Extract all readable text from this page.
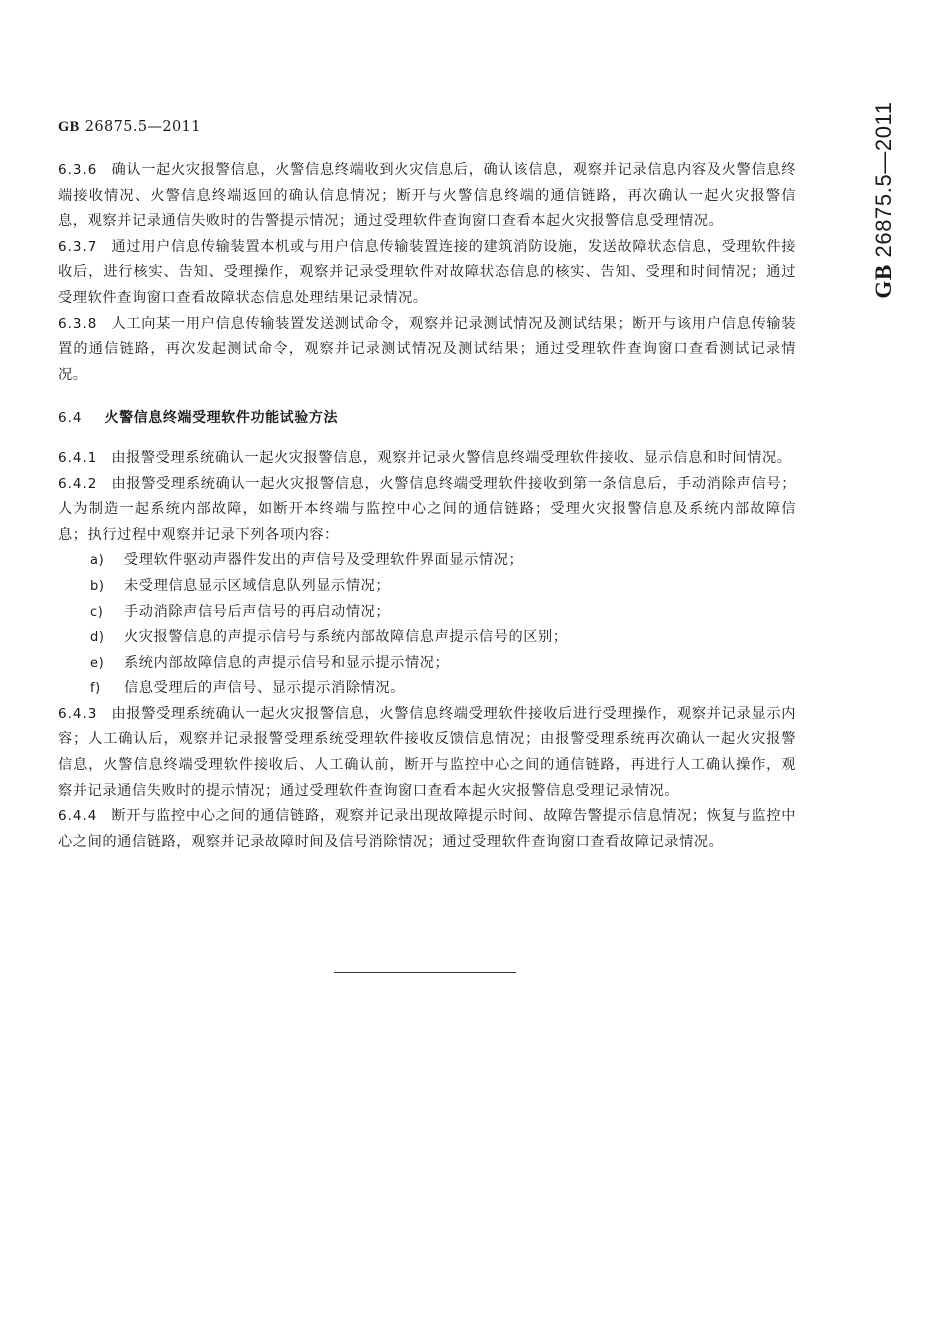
GB 26875.5—2011
GB 26875.5—2011

6.3.6 确认一起火灾报警信息，火警信息终端收到火灾信息后，确认该信息，观察并记录信息内容及火警信息终端接收情况、火警信息终端返回的确认信息情况；断开与火警信息终端的通信链路，再次确认一起火灾报警信息，观察并记录通信失败时的告警提示情况；通过受理软件查询窗口查看本起火灾报警信息受理情况。

6.3.7 通过用户信息传输装置本机或与用户信息传输装置连接的建筑消防设施，发送故障状态信息，受理软件接收后，进行核实、告知、受理操作，观察并记录受理软件对故障状态信息的核实、告知、受理和时间情况；通过受理软件查询窗口查看故障状态信息处理结果记录情况。

6.3.8 人工向某一用户信息传输装置发送测试命令，观察并记录测试情况及测试结果；断开与该用户信息传输装置的通信链路，再次发起测试命令，观察并记录测试情况及测试结果；通过受理软件查询窗口查看测试记录情况。

6.4 火警信息终端受理软件功能试验方法

6.4.1 由报警受理系统确认一起火灾报警信息，观察并记录火警信息终端受理软件接收、显示信息和时间情况。

6.4.2 由报警受理系统确认一起火灾报警信息，火警信息终端受理软件接收到第一条信息后，手动消除声信号；人为制造一起系统内部故障，如断开本终端与监控中心之间的通信链路；受理火灾报警信息及系统内部故障信息；执行过程中观察并记录下列各项内容：

a) 受理软件驱动声器件发出的声信号及受理软件界面显示情况；
b) 未受理信息显示区域信息队列显示情况；
c) 手动消除声信号后声信号的再启动情况；
d) 火灾报警信息的声提示信号与系统内部故障信息声提示信号的区别；
e) 系统内部故障信息的声提示信号和显示提示情况；
f) 信息受理后的声信号、显示提示消除情况。

6.4.3 由报警受理系统确认一起火灾报警信息，火警信息终端受理软件接收后进行受理操作，观察并记录显示内容；人工确认后，观察并记录报警受理系统受理软件接收反馈信息情况；由报警受理系统再次确认一起火灾报警信息，火警信息终端受理软件接收后、人工确认前，断开与监控中心之间的通信链路，再进行人工确认操作，观察并记录通信失败时的提示情况；通过受理软件查询窗口查看本起火灾报警信息受理记录情况。

6.4.4 断开与监控中心之间的通信链路，观察并记录出现故障提示时间、故障告警提示信息情况；恢复与监控中心之间的通信链路，观察并记录故障时间及信号消除情况；通过受理软件查询窗口查看故障记录情况。
